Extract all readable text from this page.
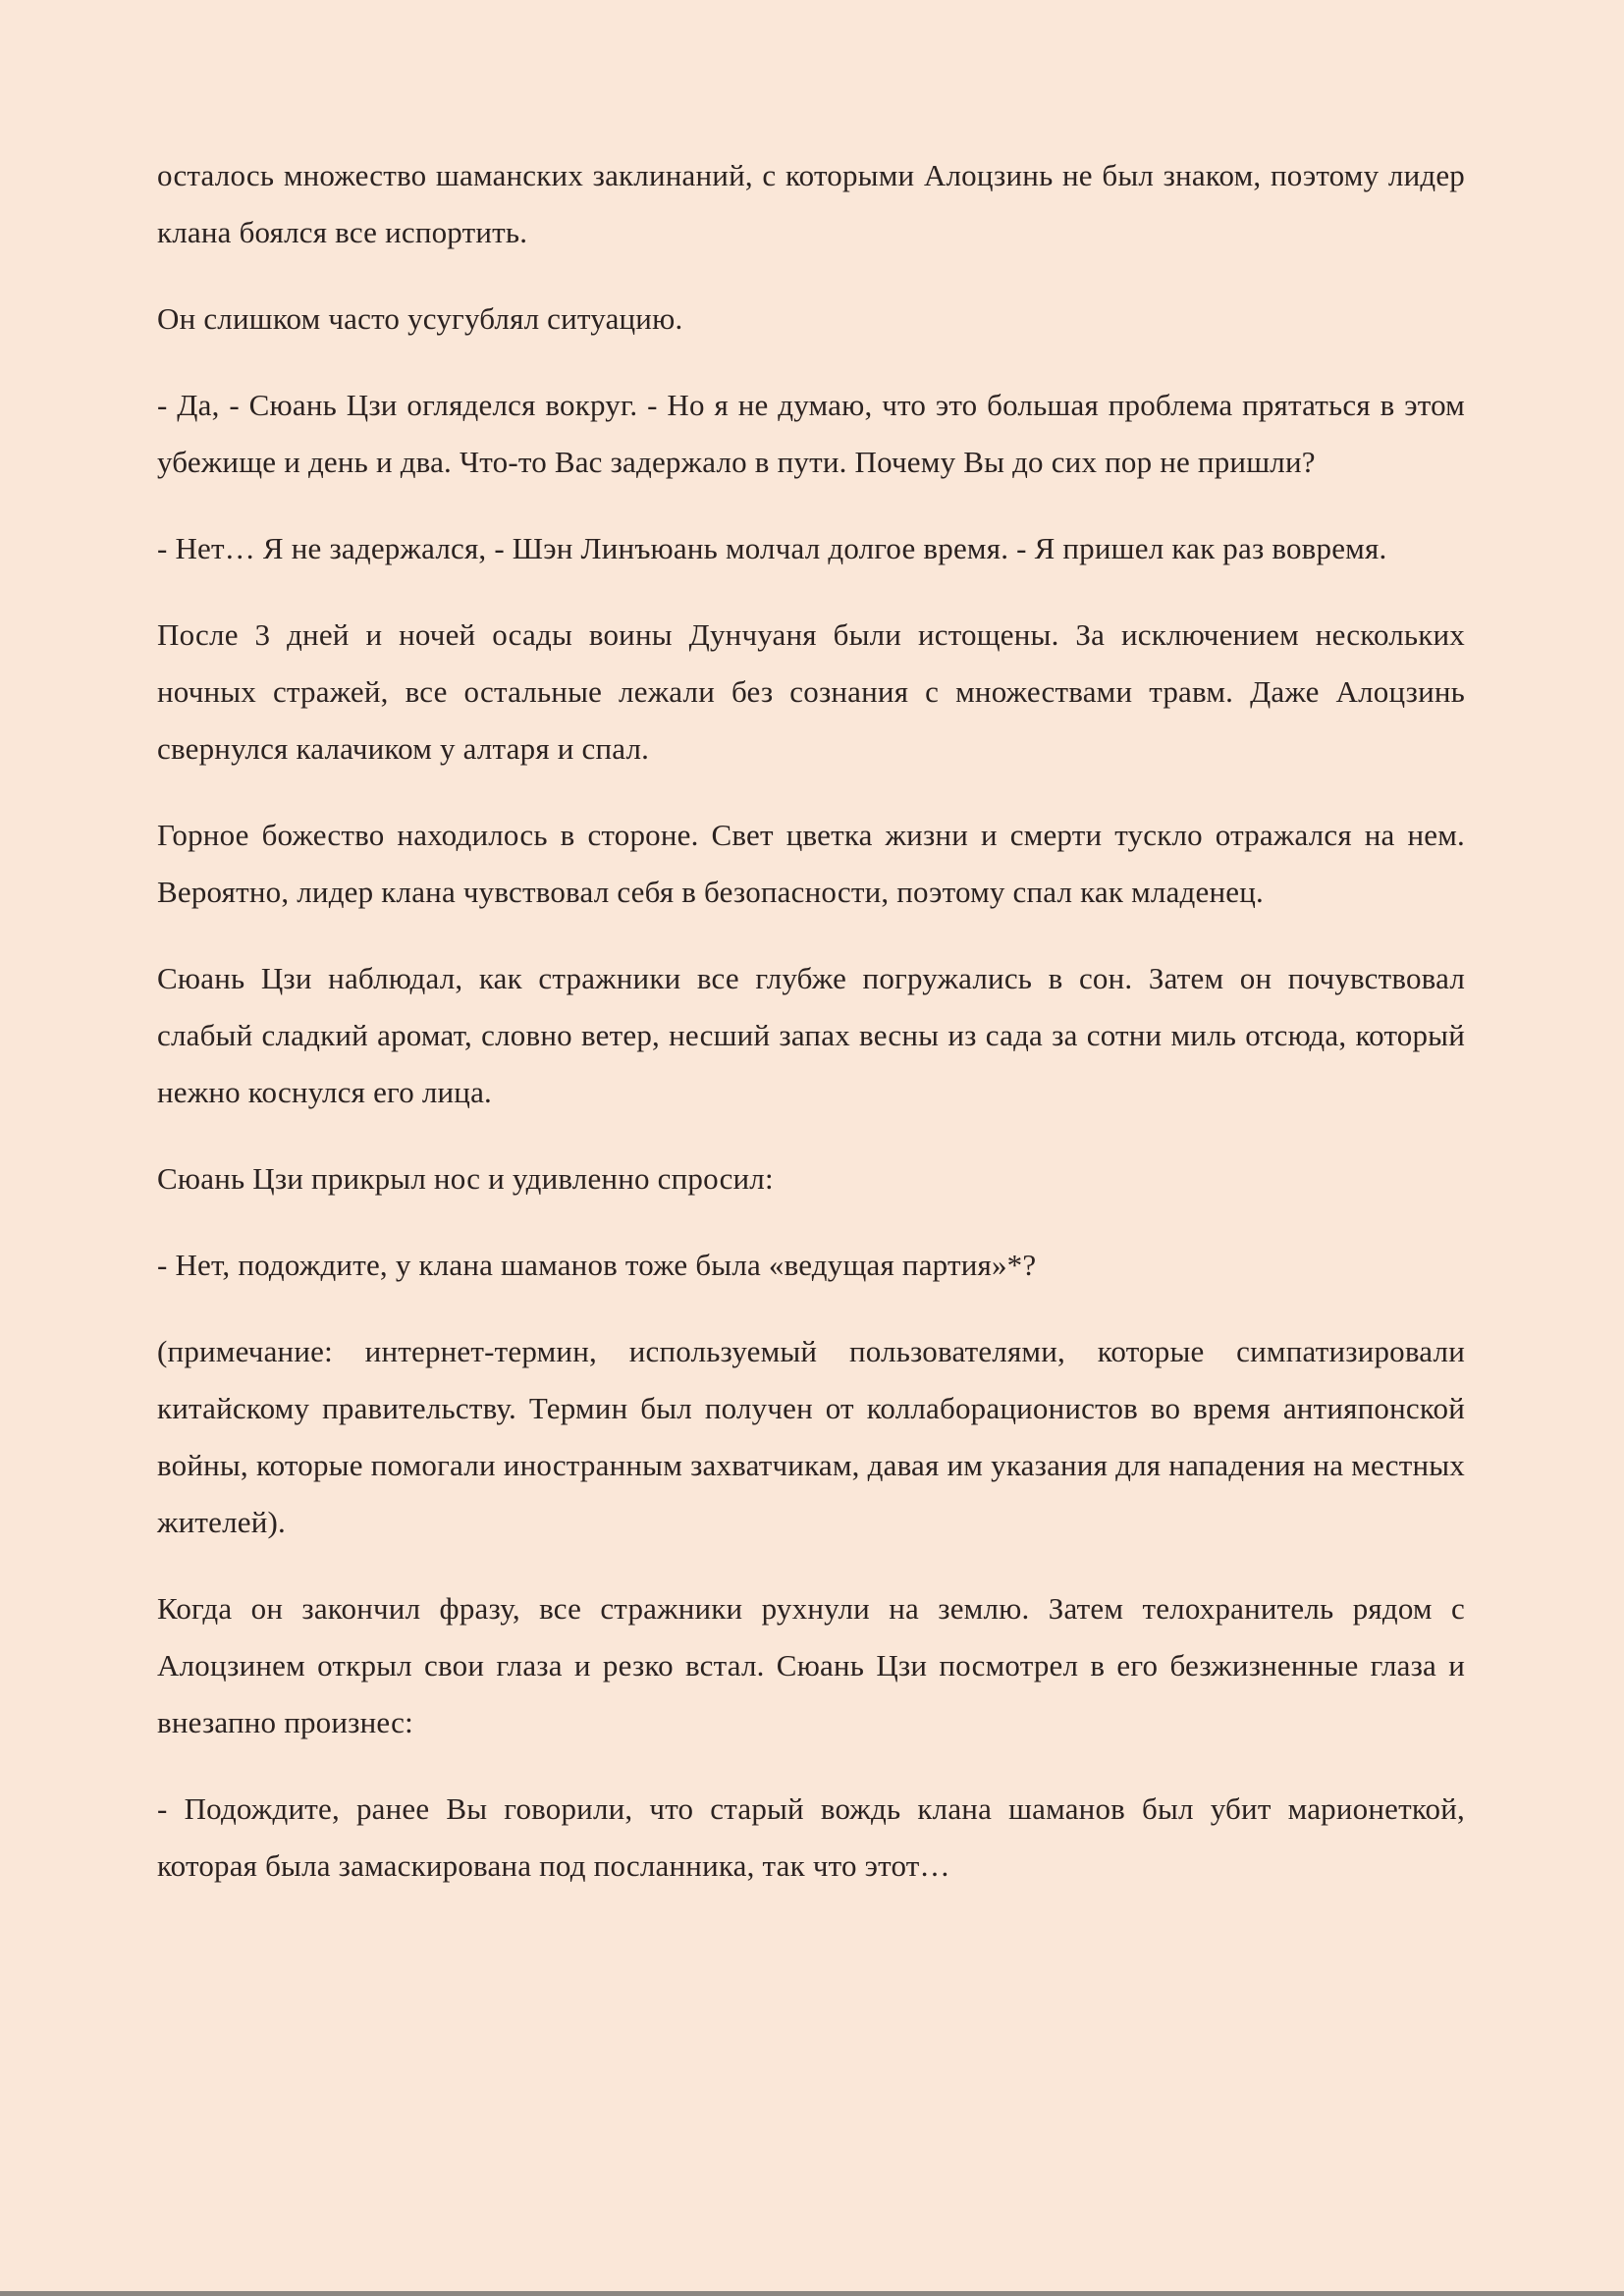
осталось множество шаманских заклинаний, с которыми Алоцзинь не был знаком, поэтому лидер клана боялся все испортить.

Он слишком часто усугублял ситуацию.

- Да, - Сюань Цзи огляделся вокруг. - Но я не думаю, что это большая проблема прятаться в этом убежище и день и два. Что-то Вас задержало в пути. Почему Вы до сих пор не пришли?

- Нет… Я не задержался, - Шэн Линъюань молчал долгое время. - Я пришел как раз вовремя.

После 3 дней и ночей осады воины Дунчуаня были истощены. За исключением нескольких ночных стражей, все остальные лежали без сознания с множествами травм. Даже Алоцзинь свернулся калачиком у алтаря и спал.

Горное божество находилось в стороне. Свет цветка жизни и смерти тускло отражался на нем. Вероятно, лидер клана чувствовал себя в безопасности, поэтому спал как младенец.

Сюань Цзи наблюдал, как стражники все глубже погружались в сон. Затем он почувствовал слабый сладкий аромат, словно ветер, несший запах весны из сада за сотни миль отсюда, который нежно коснулся его лица.

Сюань Цзи прикрыл нос и удивленно спросил:

- Нет, подождите, у клана шаманов тоже была «ведущая партия»*?

(примечание: интернет-термин, используемый пользователями, которые симпатизировали китайскому правительству. Термин был получен от коллаборационистов во время антияпонской войны, которые помогали иностранным захватчикам, давая им указания для нападения на местных жителей).

Когда он закончил фразу, все стражники рухнули на землю. Затем телохранитель рядом с Алоцзинем открыл свои глаза и резко встал. Сюань Цзи посмотрел в его безжизненные глаза и внезапно произнес:

- Подождите, ранее Вы говорили, что старый вождь клана шаманов был убит марионеткой, которая была замаскирована под посланника, так что этот…
